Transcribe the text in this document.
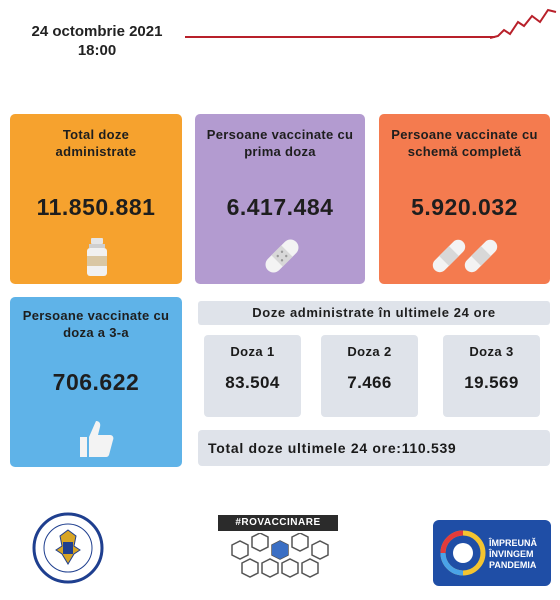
24 octombrie 2021
18:00
Total doze administrate
11.850.881
Persoane vaccinate cu prima doza
6.417.484
Persoane vaccinate cu schemă completă
5.920.032
Persoane vaccinate cu doza a 3-a
706.622
Doze administrate în ultimele 24 ore
Doza 1
83.504
Doza 2
7.466
Doza 3
19.569
Total doze ultimele 24 ore:110.539
#ROVACCINARE
ÎMPREUNĂ ÎNVINGEM PANDEMIA
